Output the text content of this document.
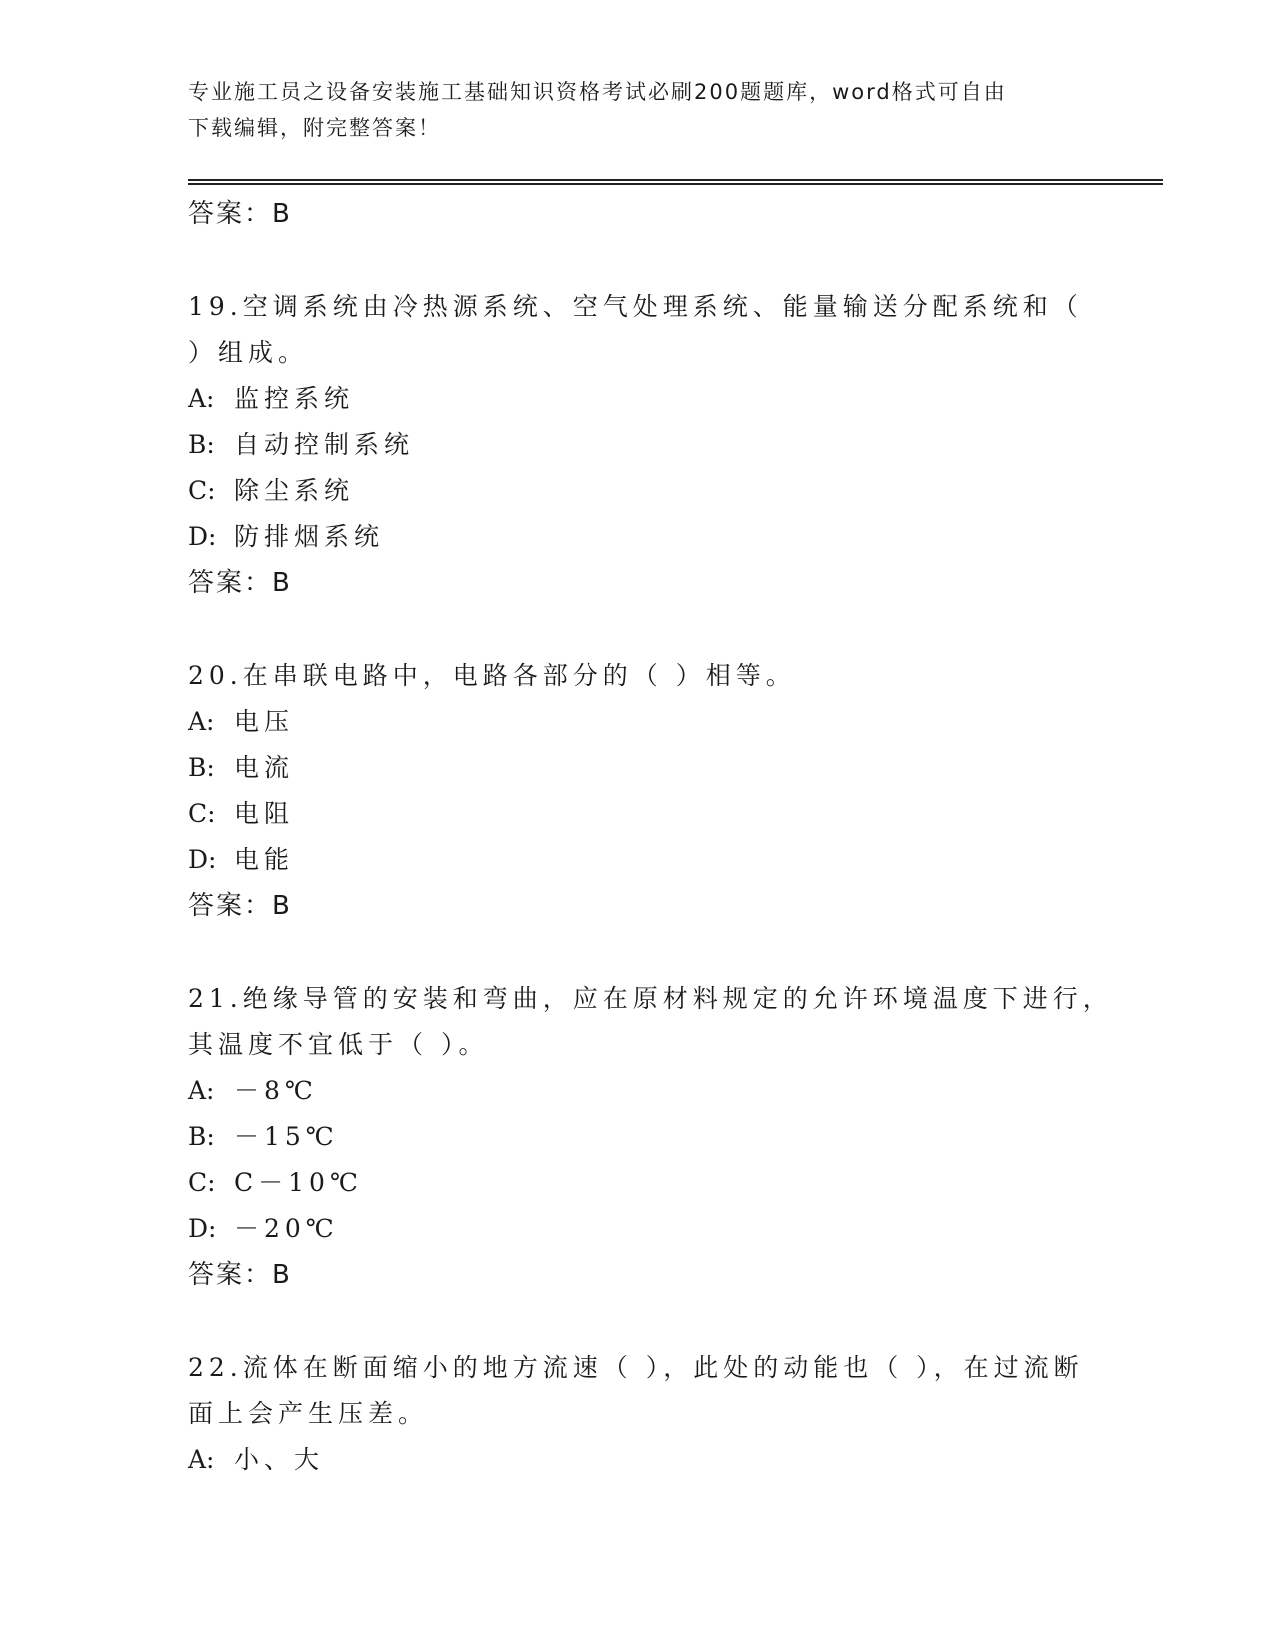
专业施工员之设备安装施工基础知识资格考试必刷200题题库，word格式可自由
下载编辑，附完整答案！
答案：B
19.空调系统由冷热源系统、空气处理系统、能量输送分配系统和（
）组成。
A: 监控系统
B: 自动控制系统
C: 除尘系统
D: 防排烟系统
答案：B
20.在串联电路中，电路各部分的（ ）相等。
A: 电压
B: 电流
C: 电阻
D: 电能
答案：B
21.绝缘导管的安装和弯曲，应在原材料规定的允许环境温度下进行，
其温度不宜低于（ ）。
A: －8℃
B: －15℃
C: C－10℃
D: －20℃
答案：B
22.流体在断面缩小的地方流速（ ），此处的动能也（ ），在过流断
面上会产生压差。
A: 小、大
